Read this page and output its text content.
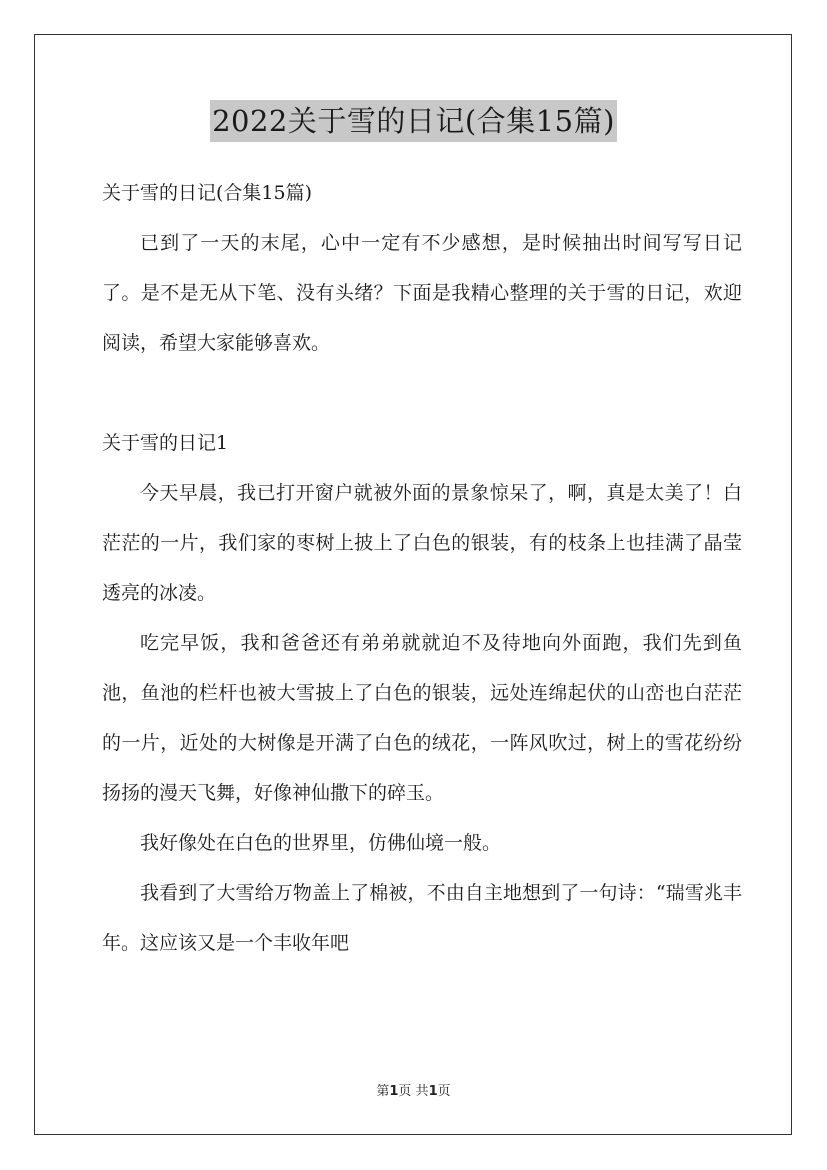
2022关于雪的日记(合集15篇)

关于雪的日记(合集15篇)

已到了一天的末尾，心中一定有不少感想，是时候抽出时间写写日记了。是不是无从下笔、没有头绪？下面是我精心整理的关于雪的日记，欢迎阅读，希望大家能够喜欢。

关于雪的日记1

今天早晨，我已打开窗户就被外面的景象惊呆了，啊，真是太美了！白茫茫的一片，我们家的枣树上披上了白色的银装，有的枝条上也挂满了晶莹透亮的冰凌。

吃完早饭，我和爸爸还有弟弟就就迫不及待地向外面跑，我们先到鱼池，鱼池的栏杆也被大雪披上了白色的银装，远处连绵起伏的山峦也白茫茫的一片，近处的大树像是开满了白色的绒花，一阵风吹过，树上的雪花纷纷扬扬的漫天飞舞，好像神仙撒下的碎玉。

我好像处在白色的世界里，仿佛仙境一般。

我看到了大雪给万物盖上了棉被，不由自主地想到了一句诗：“瑞雪兆丰年。这应该又是一个丰收年吧

第1页 共1页
